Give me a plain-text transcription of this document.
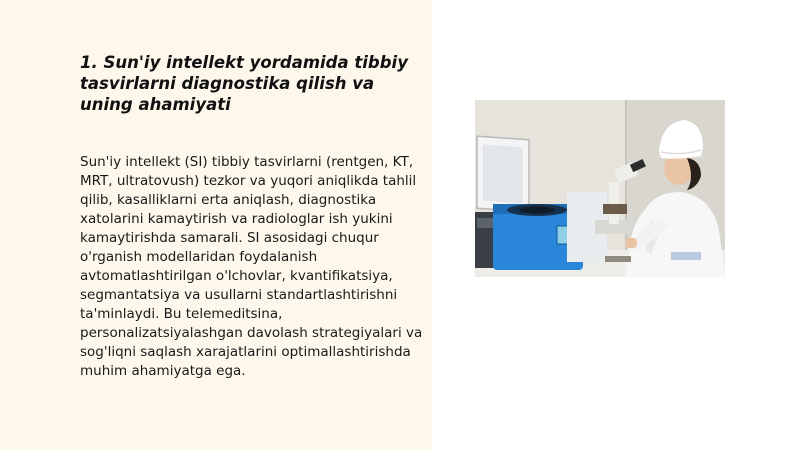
1. Sun'iy intellekt yordamida tibbiy tasvirlarni diagnostika qilish va uning ahamiyati

Sun'iy intellekt (SI) tibbiy tasvirlarni (rentgen, KT, MRT, ultratovush) tezkor va yuqori aniqlikda tahlil qilib, kasalliklarni erta aniqlash, diagnostika xatolarini kamaytirish va radiologlar ish yukini kamaytirishda samarali. SI asosidagi chuqur o'rganish modellaridan foydalanish avtomatlashtirilgan o'lchovlar, kvantifikatsiya, segmantatsiya va usullarni standartlashtirishni ta'minlaydi. Bu telemeditsina, personalizatsiyalashgan davolash strategiyalari va sog'liqni saqlash xarajatlarini optimallashtirishda muhim ahamiyatga ega.
